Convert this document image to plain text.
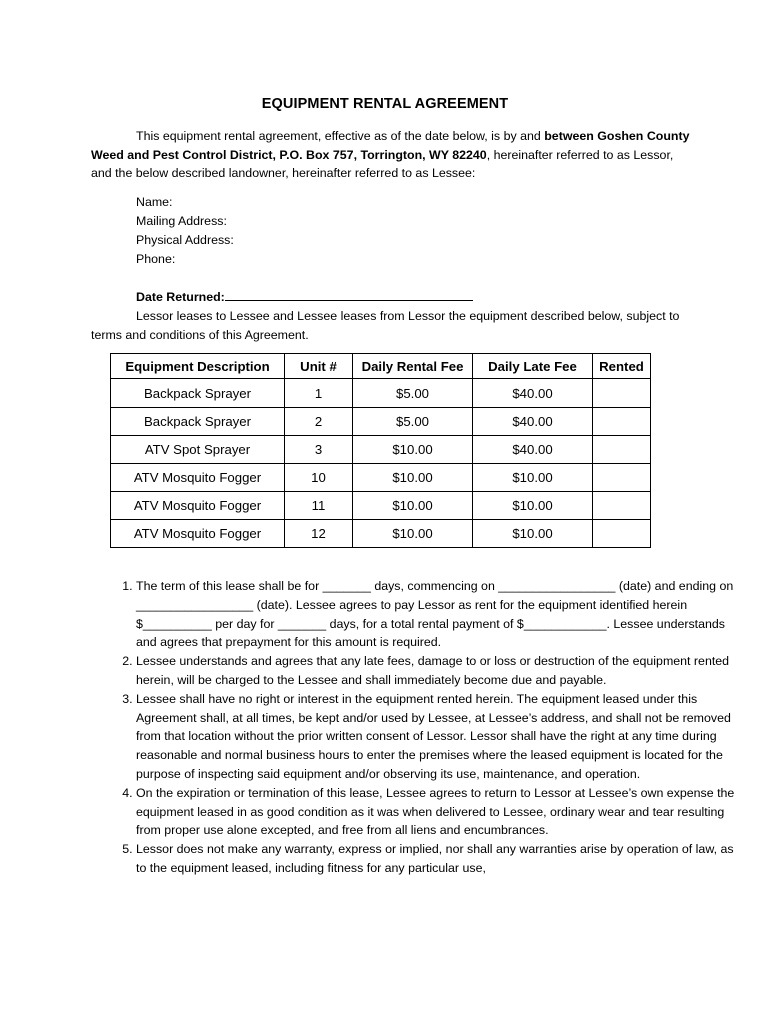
EQUIPMENT RENTAL AGREEMENT
This equipment rental agreement, effective as of the date below, is by and between Goshen County Weed and Pest Control District, P.O. Box 757, Torrington, WY 82240, hereinafter referred to as Lessor, and the below described landowner, hereinafter referred to as Lessee:
Name:
Mailing Address:
Physical Address:
Phone:
Date Returned:
Lessor leases to Lessee and Lessee leases from Lessor the equipment described below, subject to terms and conditions of this Agreement.
Equipment Description	Unit #	Daily Rental Fee	Daily Late Fee	Rented
Backpack Sprayer	1	$5.00	$40.00	
Backpack Sprayer	2	$5.00	$40.00	
ATV Spot Sprayer	3	$10.00	$40.00	
ATV Mosquito Fogger	10	$10.00	$10.00	
ATV Mosquito Fogger	11	$10.00	$10.00	
ATV Mosquito Fogger	12	$10.00	$10.00	
1. The term of this lease shall be for _______ days, commencing on _________________ (date) and ending on _________________ (date). Lessee agrees to pay Lessor as rent for the equipment identified herein $__________ per day for _______ days, for a total rental payment of $____________. Lessee understands and agrees that prepayment for this amount is required.
2. Lessee understands and agrees that any late fees, damage to or loss or destruction of the equipment rented herein, will be charged to the Lessee and shall immediately become due and payable.
3. Lessee shall have no right or interest in the equipment rented herein. The equipment leased under this Agreement shall, at all times, be kept and/or used by Lessee, at Lessee’s address, and shall not be removed from that location without the prior written consent of Lessor. Lessor shall have the right at any time during reasonable and normal business hours to enter the premises where the leased equipment is located for the purpose of inspecting said equipment and/or observing its use, maintenance, and operation.
4. On the expiration or termination of this lease, Lessee agrees to return to Lessor at Lessee’s own expense the equipment leased in as good condition as it was when delivered to Lessee, ordinary wear and tear resulting from proper use alone excepted, and free from all liens and encumbrances.
5. Lessor does not make any warranty, express or implied, nor shall any warranties arise by operation of law, as to the equipment leased, including fitness for any particular use,
